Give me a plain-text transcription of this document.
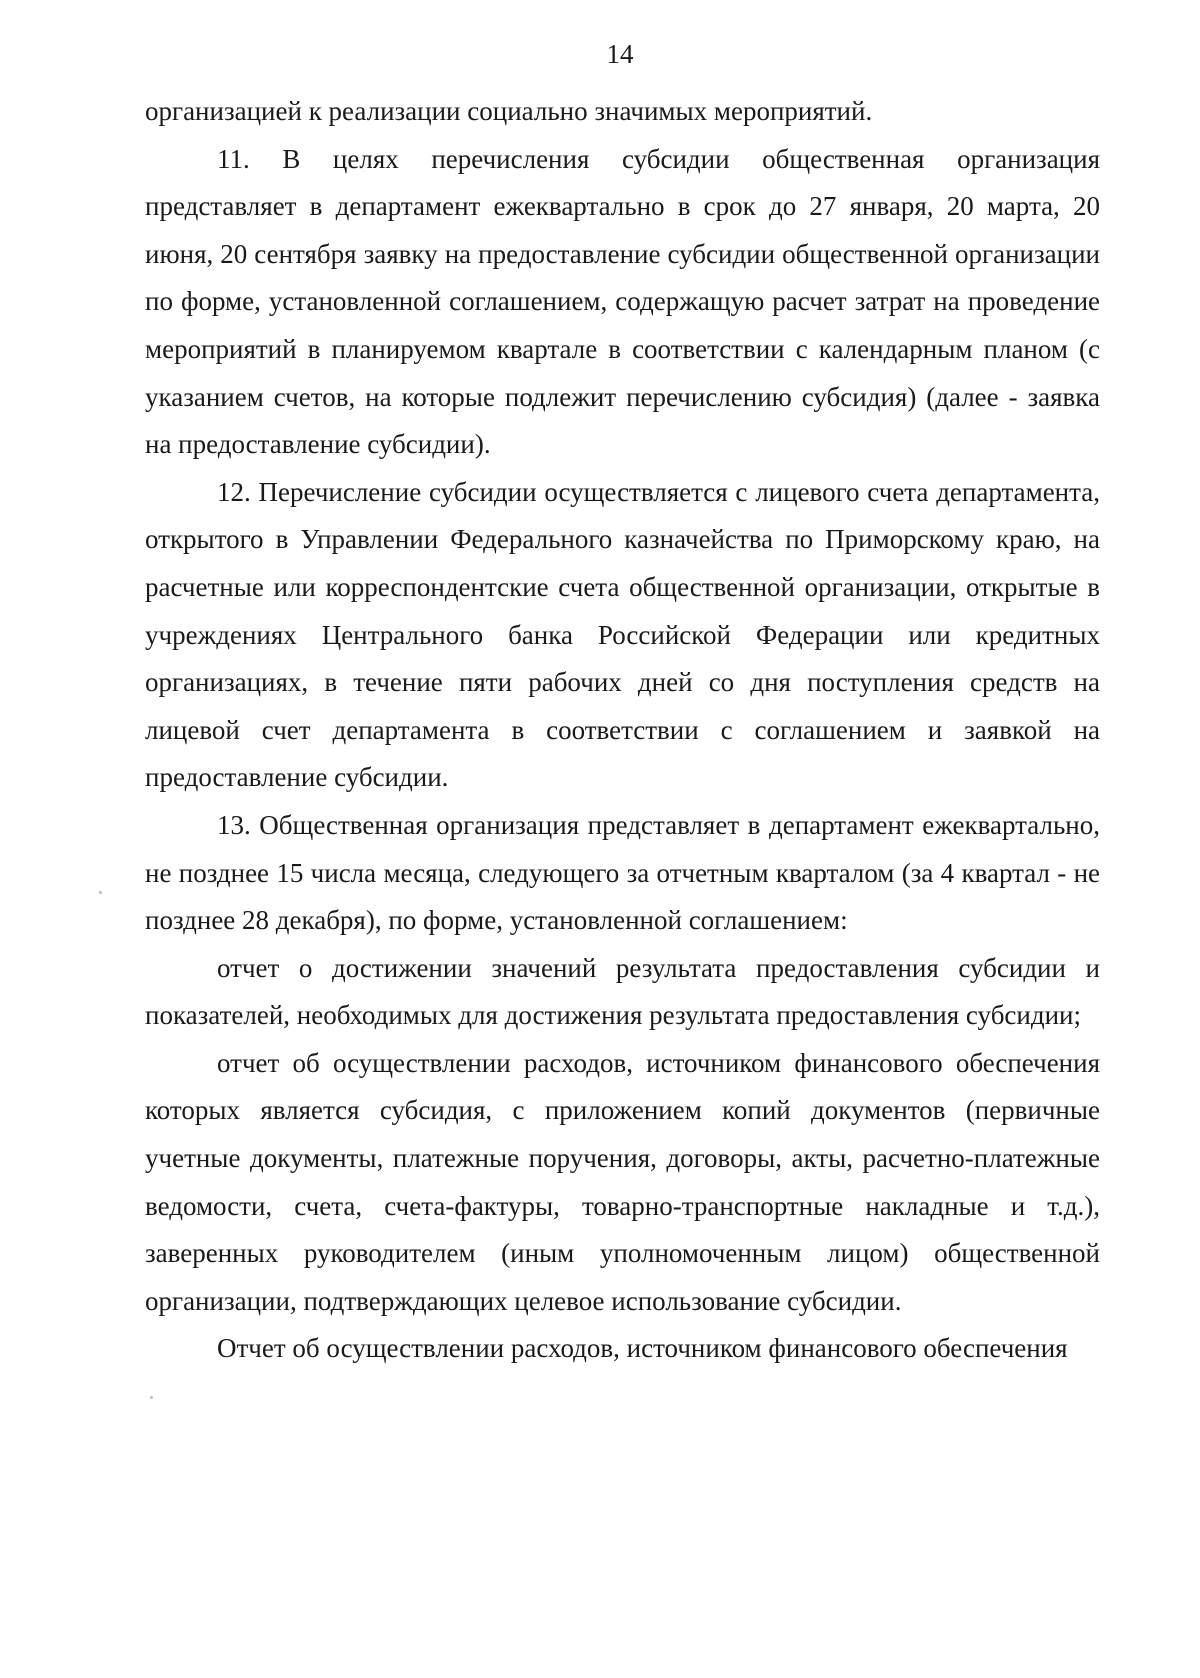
14

организацией к реализации социально значимых мероприятий.

11. В целях перечисления субсидии общественная организация представляет в департамент ежеквартально в срок до 27 января, 20 марта, 20 июня, 20 сентября заявку на предоставление субсидии общественной организации по форме, установленной соглашением, содержащую расчет затрат на проведение мероприятий в планируемом квартале в соответствии с календарным планом (с указанием счетов, на которые подлежит перечислению субсидия) (далее - заявка на предоставление субсидии).

12. Перечисление субсидии осуществляется с лицевого счета департамента, открытого в Управлении Федерального казначейства по Приморскому краю, на расчетные или корреспондентские счета общественной организации, открытые в учреждениях Центрального банка Российской Федерации или кредитных организациях, в течение пяти рабочих дней со дня поступления средств на лицевой счет департамента в соответствии с соглашением и заявкой на предоставление субсидии.

13. Общественная организация представляет в департамент ежеквартально, не позднее 15 числа месяца, следующего за отчетным кварталом (за 4 квартал - не позднее 28 декабря), по форме, установленной соглашением:

отчет о достижении значений результата предоставления субсидии и показателей, необходимых для достижения результата предоставления субсидии;

отчет об осуществлении расходов, источником финансового обеспечения которых является субсидия, с приложением копий документов (первичные учетные документы, платежные поручения, договоры, акты, расчетно-платежные ведомости, счета, счета-фактуры, товарно-транспортные накладные и т.д.), заверенных руководителем (иным уполномоченным лицом) общественной организации, подтверждающих целевое использование субсидии.

Отчет об осуществлении расходов, источником финансового обеспечения
